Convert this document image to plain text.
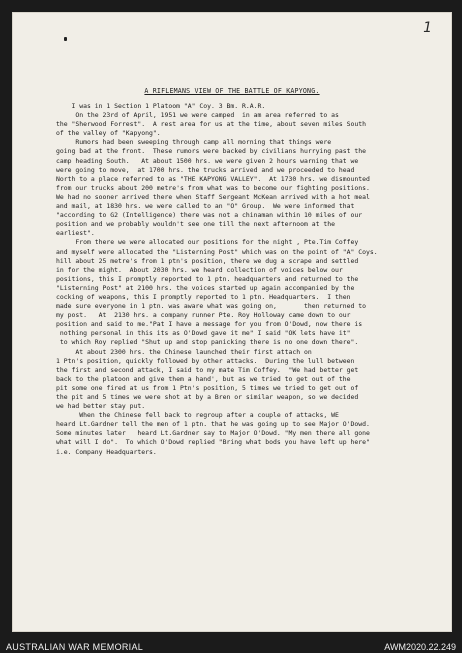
1
A RIFLEMANS VIEW OF THE BATTLE OF KAPYONG.
I was in 1 Section 1 Platoom "A" Coy. 3 Bm. R.A.R.
On the 23rd of April, 1951 we were camped  in am area referred to as
the "Sherwood Forrest".  A rest area for us at the time, about seven miles South
of the valley of "Kapyong".
Rumors had been sweeping through camp all morning that things were
going bad at the front.  These rumors were backed by civilians hurrying past the
camp heading South.   At about 1500 hrs. we were given 2 hours warning that we
were going to move,  at 1700 hrs. the trucks arrived and we proceeded to head
North to a place referred to as "THE KAPYONG VALLEY".  At 1730 hrs. we dismounted
from our trucks about 200 metre's from what was to become our fighting positions.
We had no sooner arrived there when Staff Sergeant McKean arrived with a hot meal
and mail, at 1830 hrs. we were called to an "O" Group.  We were informed that
"according to G2 (Intelligence) there was not a chinaman within 10 miles of our
position and we probably wouldn't see one till the next afternoom at the
earliest".
From there we were allocated our positions for the night , Pte.Tim Coffey
and myself were allocated the "Listerning Post" which was on the point of "A" Coys.
hill about 25 metre's from 1 ptn's position, there we dug a scrape and settled
in for the might.  About 2030 hrs. we heard collection of voices below our
positions, this I promptly reported to 1 ptn. headquarters and returned to the
"Listerning Post" at 2100 hrs. the voices started up again accompanied by the
cocking of weapons, this I promptly reported to 1 ptn. Headquarters.  I then
made sure everyone in 1 ptn. was aware what was going on,       then returned to
my post.   At  2130 hrs. a company runner Pte. Roy Holloway came down to our
position and said to me."Pat I have a message for you from O'Dowd, now there is
nothing personal in this its as O'Dowd gave it me" I said "OK lets have it"
to which Roy replied "Shut up and stop panicking there is no one down there".
At about 2300 hrs. the Chinese launched their first attach on
1 Ptn's position, quickly followed by other attacks.  During the lull between
the first and second attack, I said to my mate Tim Coffey.  "We had better get
back to the platoon and give them a hand', but as we tried to get out of the
pit some one fired at us from 1 Ptn's position, 5 times we tried to get out of
the pit and 5 times we were shot at by a Bren or similar weapon, so we decided
we had better stay put.
When the Chinese fell back to regroup after a couple of attacks, WE
heard Lt.Gardner tell the men of 1 ptn. that he was going up to see Major O'Dowd.
Some minutes later   heard Lt.Gardner say to Major O'Dowd. "My men there all gone
what will I do".  To which O'Dowd replied "Bring what bods you have left up here"
i.e. Company Headquarters.
AUSTRALIAN WAR MEMORIAL	AWM2020.22.249
